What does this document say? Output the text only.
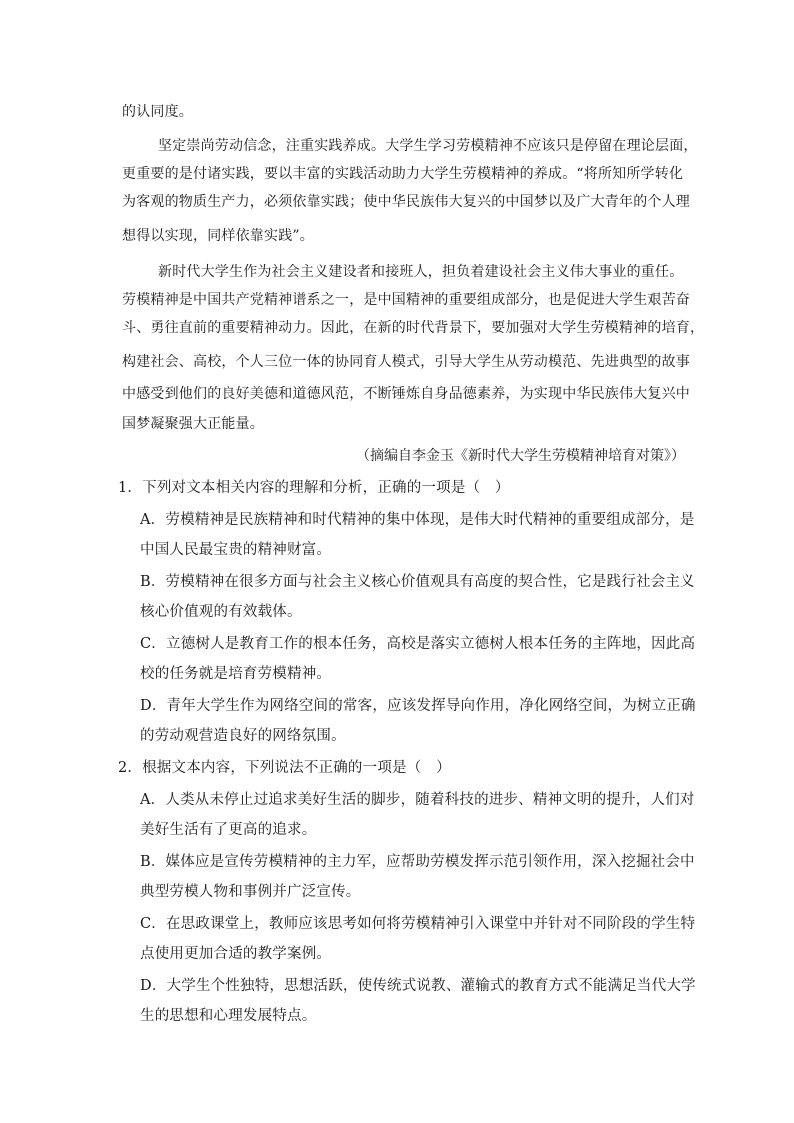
的认同度。
坚定崇尚劳动信念，注重实践养成。大学生学习劳模精神不应该只是停留在理论层面，
更重要的是付诸实践，要以丰富的实践活动助力大学生劳模精神的养成。“将所知所学转化
为客观的物质生产力，必须依靠实践；使中华民族伟大复兴的中国梦以及广大青年的个人理
想得以实现，同样依靠实践”。
新时代大学生作为社会主义建设者和接班人，担负着建设社会主义伟大事业的重任。
劳模精神是中国共产党精神谱系之一，是中国精神的重要组成部分，也是促进大学生艰苦奋
斗、勇往直前的重要精神动力。因此，在新的时代背景下，要加强对大学生劳模精神的培育，
构建社会、高校，个人三位一体的协同育人模式，引导大学生从劳动模范、先进典型的故事
中感受到他们的良好美德和道德风范，不断锤炼自身品德素养，为实现中华民族伟大复兴中
国梦凝聚强大正能量。
（摘编自李金玉《新时代大学生劳模精神培育对策》）
1．下列对文本相关内容的理解和分析，正确的一项是（　）
A．劳模精神是民族精神和时代精神的集中体现，是伟大时代精神的重要组成部分，是
中国人民最宝贵的精神财富。
B．劳模精神在很多方面与社会主义核心价值观具有高度的契合性，它是践行社会主义
核心价值观的有效载体。
C．立德树人是教育工作的根本任务，高校是落实立德树人根本任务的主阵地，因此高
校的任务就是培育劳模精神。
D．青年大学生作为网络空间的常客，应该发挥导向作用，净化网络空间，为树立正确
的劳动观营造良好的网络氛围。
2．根据文本内容，下列说法不正确的一项是（　）
A．人类从未停止过追求美好生活的脚步，随着科技的进步、精神文明的提升，人们对
美好生活有了更高的追求。
B．媒体应是宣传劳模精神的主力军，应帮助劳模发挥示范引领作用，深入挖掘社会中
典型劳模人物和事例并广泛宣传。
C．在思政课堂上，教师应该思考如何将劳模精神引入课堂中并针对不同阶段的学生特
点使用更加合适的教学案例。
D．大学生个性独特，思想活跃，使传统式说教、灌输式的教育方式不能满足当代大学
生的思想和心理发展特点。
